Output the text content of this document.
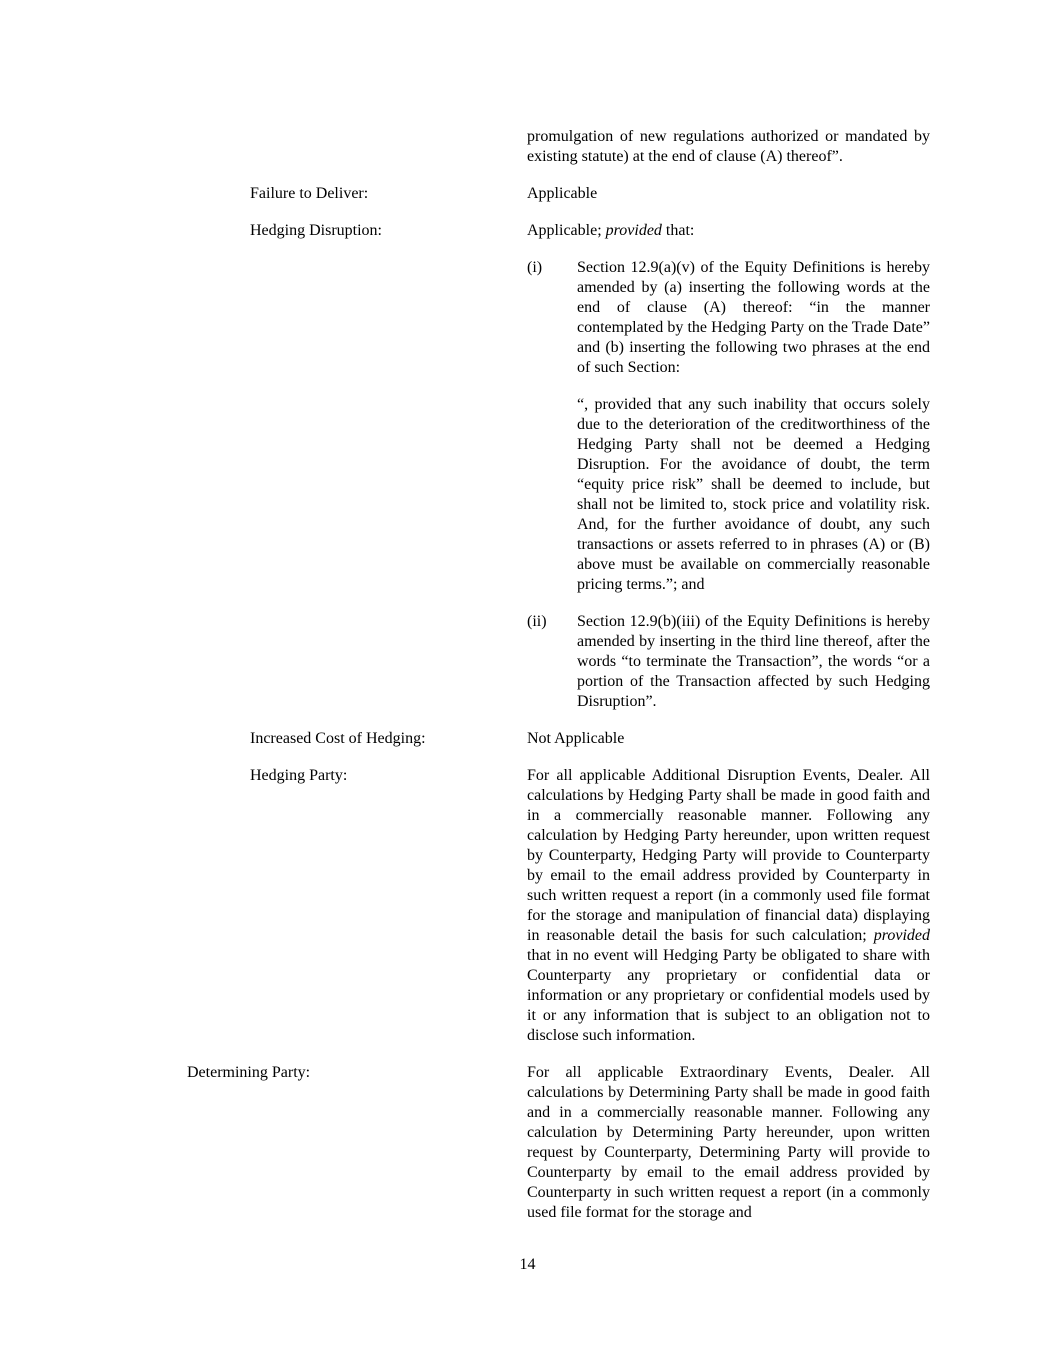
promulgation of new regulations authorized or mandated by existing statute) at the end of clause (A) thereof”.

Failure to Deliver:	Applicable
Hedging Disruption:	Applicable; provided that:
(i) Section 12.9(a)(v) of the Equity Definitions is hereby amended by (a) inserting the following words at the end of clause (A) thereof: “in the manner contemplated by the Hedging Party on the Trade Date” and (b) inserting the following two phrases at the end of such Section:

“, provided that any such inability that occurs solely due to the deterioration of the creditworthiness of the Hedging Party shall not be deemed a Hedging Disruption. For the avoidance of doubt, the term “equity price risk” shall be deemed to include, but shall not be limited to, stock price and volatility risk. And, for the further avoidance of doubt, any such transactions or assets referred to in phrases (A) or (B) above must be available on commercially reasonable pricing terms.”; and

(ii) Section 12.9(b)(iii) of the Equity Definitions is hereby amended by inserting in the third line thereof, after the words “to terminate the Transaction”, the words “or a portion of the Transaction affected by such Hedging Disruption”.
Increased Cost of Hedging:	Not Applicable
Hedging Party:	For all applicable Additional Disruption Events, Dealer. All calculations by Hedging Party shall be made in good faith and in a commercially reasonable manner. Following any calculation by Hedging Party hereunder, upon written request by Counterparty, Hedging Party will provide to Counterparty by email to the email address provided by Counterparty in such written request a report (in a commonly used file format for the storage and manipulation of financial data) displaying in reasonable detail the basis for such calculation; provided that in no event will Hedging Party be obligated to share with Counterparty any proprietary or confidential data or information or any proprietary or confidential models used by it or any information that is subject to an obligation not to disclose such information.
Determining Party:	For all applicable Extraordinary Events, Dealer. All calculations by Determining Party shall be made in good faith and in a commercially reasonable manner. Following any calculation by Determining Party hereunder, upon written request by Counterparty, Determining Party will provide to Counterparty by email to the email address provided by Counterparty in such written request a report (in a commonly used file format for the storage and
14
